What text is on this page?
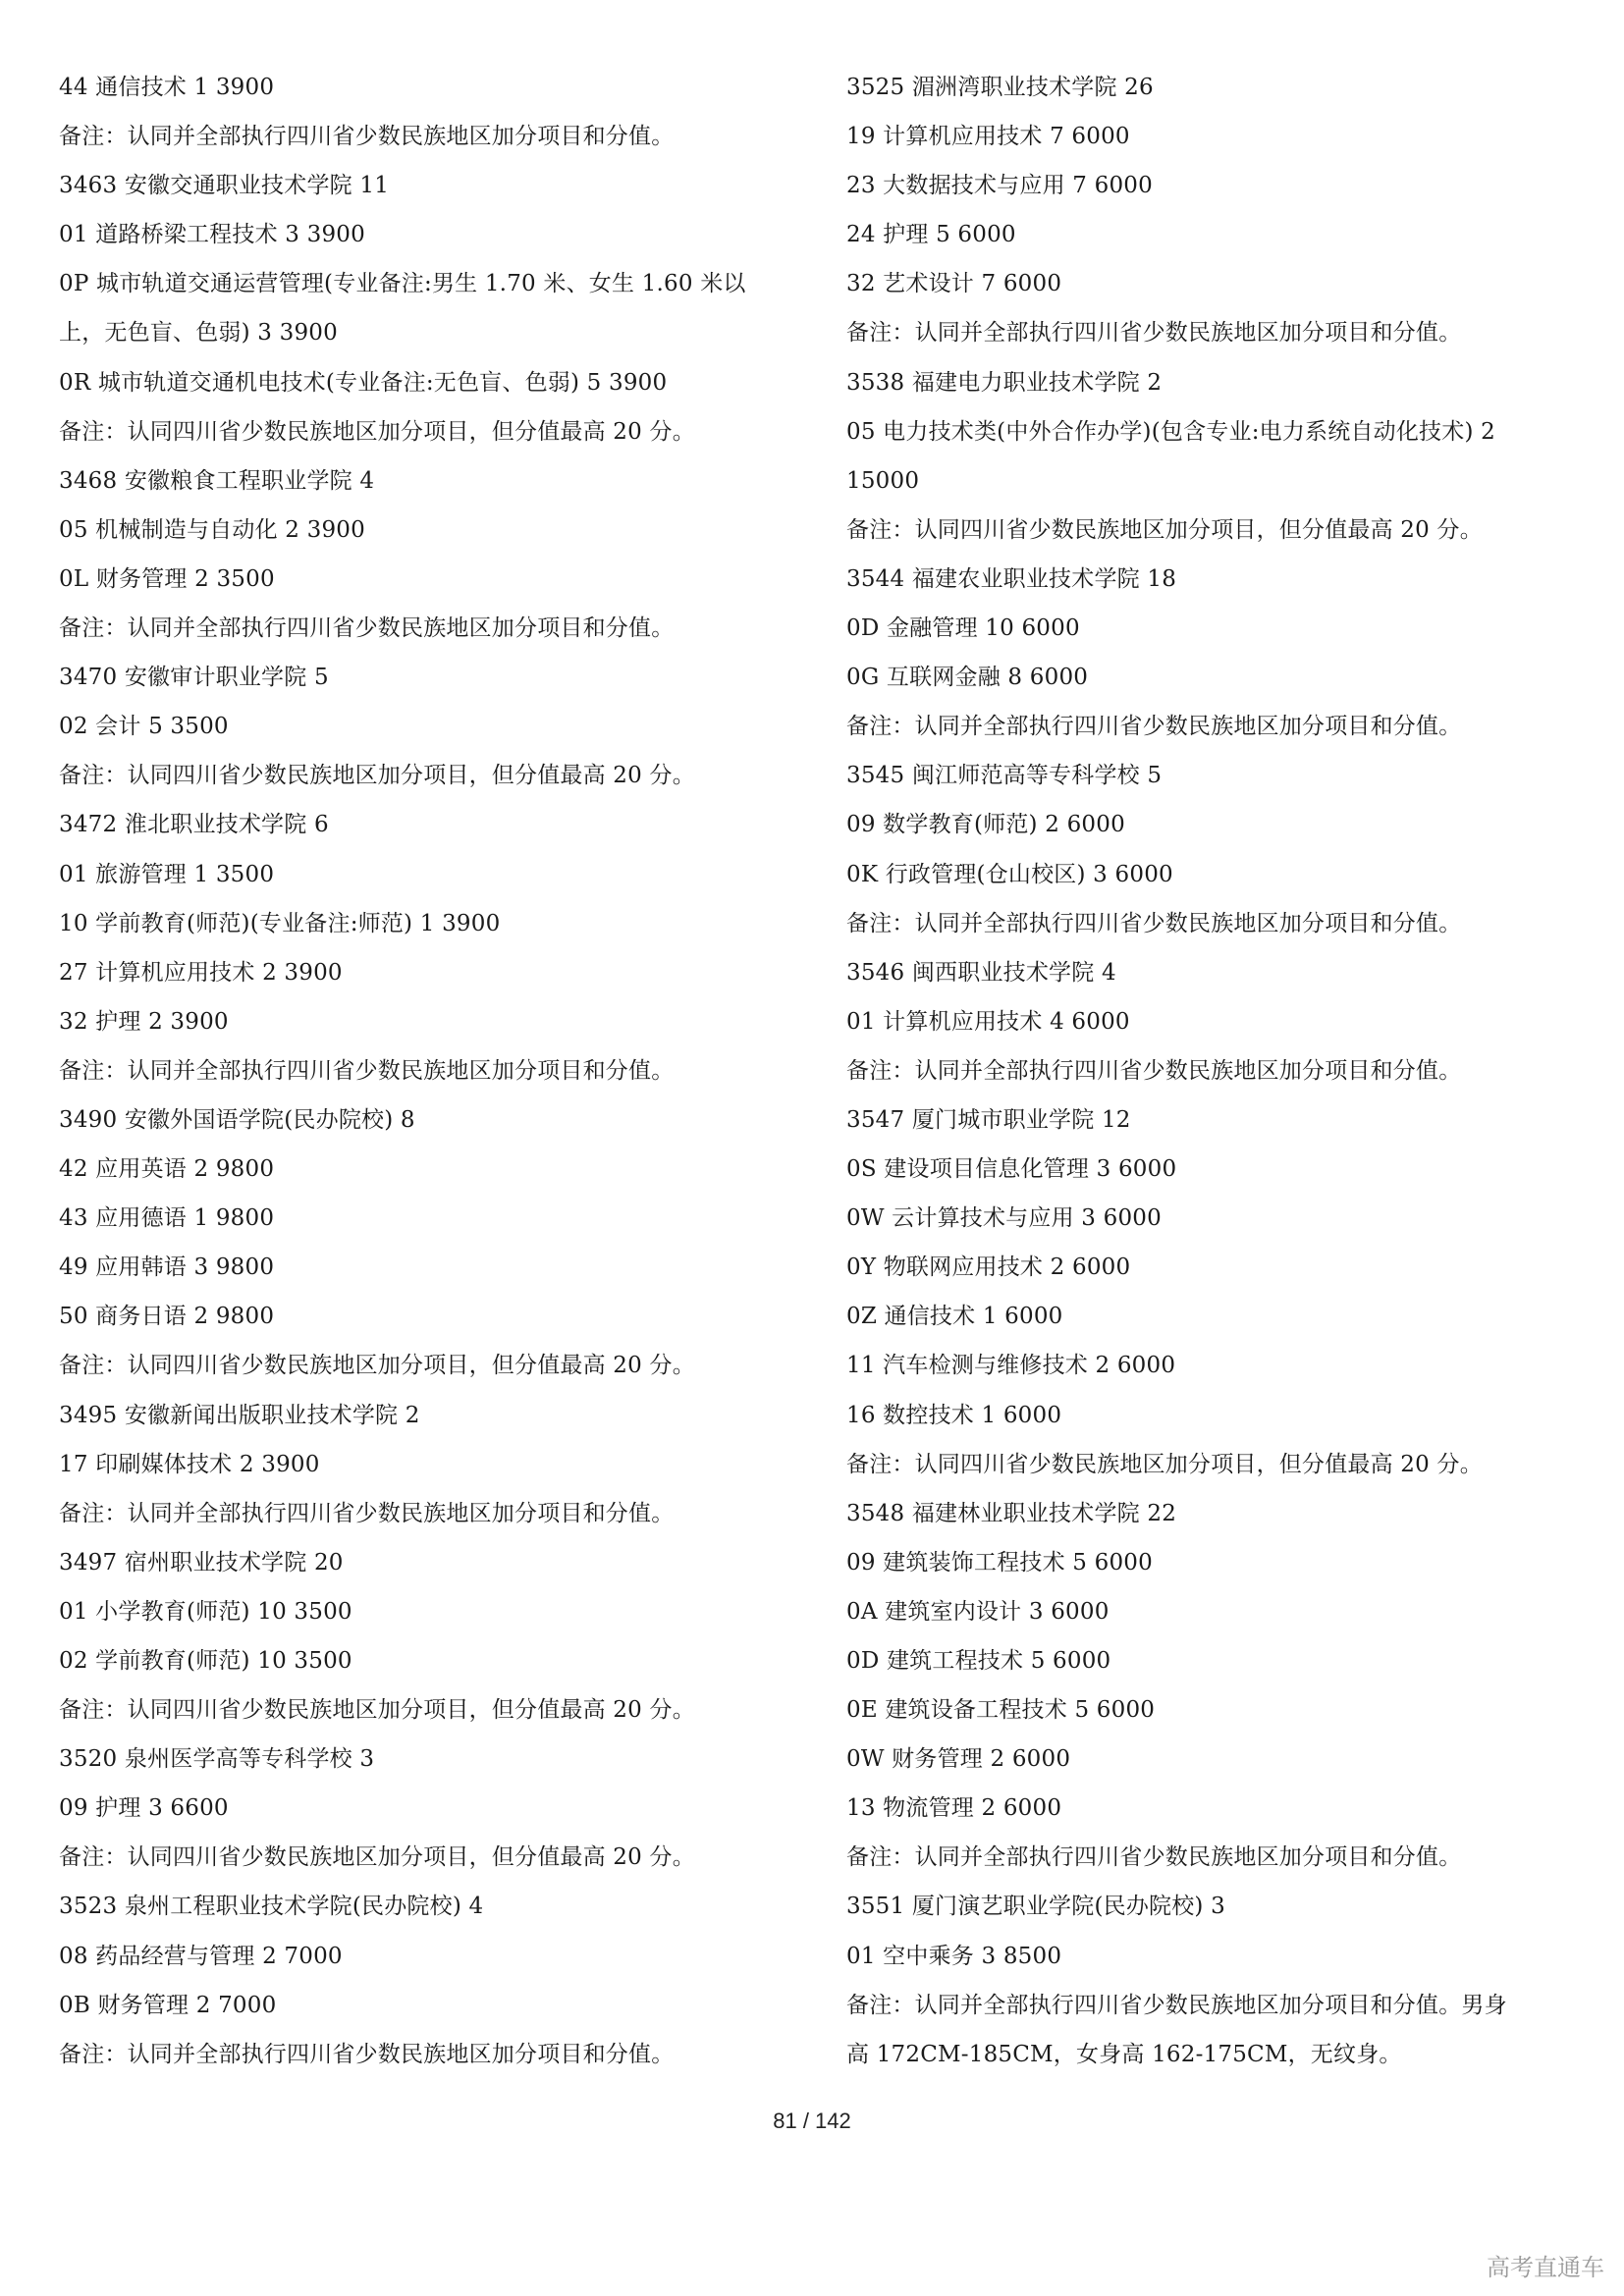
44 通信技术 1 3900
备注：认同并全部执行四川省少数民族地区加分项目和分值。
3463 安徽交通职业技术学院 11
01 道路桥梁工程技术 3 3900
0P 城市轨道交通运营管理(专业备注:男生 1.70 米、女生 1.60 米以
上，无色盲、色弱) 3 3900
0R 城市轨道交通机电技术(专业备注:无色盲、色弱) 5 3900
备注：认同四川省少数民族地区加分项目，但分值最高 20 分。
3468 安徽粮食工程职业学院 4
05 机械制造与自动化 2 3900
0L 财务管理 2 3500
备注：认同并全部执行四川省少数民族地区加分项目和分值。
3470 安徽审计职业学院 5
02 会计 5 3500
备注：认同四川省少数民族地区加分项目，但分值最高 20 分。
3472 淮北职业技术学院 6
01 旅游管理 1 3500
10 学前教育(师范)(专业备注:师范) 1 3900
27 计算机应用技术 2 3900
32 护理 2 3900
备注：认同并全部执行四川省少数民族地区加分项目和分值。
3490 安徽外国语学院(民办院校) 8
42 应用英语 2 9800
43 应用德语 1 9800
49 应用韩语 3 9800
50 商务日语 2 9800
备注：认同四川省少数民族地区加分项目，但分值最高 20 分。
3495 安徽新闻出版职业技术学院 2
17 印刷媒体技术 2 3900
备注：认同并全部执行四川省少数民族地区加分项目和分值。
3497 宿州职业技术学院 20
01 小学教育(师范) 10 3500
02 学前教育(师范) 10 3500
备注：认同四川省少数民族地区加分项目，但分值最高 20 分。
3520 泉州医学高等专科学校 3
09 护理 3 6600
备注：认同四川省少数民族地区加分项目，但分值最高 20 分。
3523 泉州工程职业技术学院(民办院校) 4
08 药品经营与管理 2 7000
0B 财务管理 2 7000
备注：认同并全部执行四川省少数民族地区加分项目和分值。
3525 湄洲湾职业技术学院 26
19 计算机应用技术 7 6000
23 大数据技术与应用 7 6000
24 护理 5 6000
32 艺术设计 7 6000
备注：认同并全部执行四川省少数民族地区加分项目和分值。
3538 福建电力职业技术学院 2
05 电力技术类(中外合作办学)(包含专业:电力系统自动化技术) 2
15000
备注：认同四川省少数民族地区加分项目，但分值最高 20 分。
3544 福建农业职业技术学院 18
0D 金融管理 10 6000
0G 互联网金融 8 6000
备注：认同并全部执行四川省少数民族地区加分项目和分值。
3545 闽江师范高等专科学校 5
09 数学教育(师范) 2 6000
0K 行政管理(仓山校区) 3 6000
备注：认同并全部执行四川省少数民族地区加分项目和分值。
3546 闽西职业技术学院 4
01 计算机应用技术 4 6000
备注：认同并全部执行四川省少数民族地区加分项目和分值。
3547 厦门城市职业学院 12
0S 建设项目信息化管理 3 6000
0W 云计算技术与应用 3 6000
0Y 物联网应用技术 2 6000
0Z 通信技术 1 6000
11 汽车检测与维修技术 2 6000
16 数控技术 1 6000
备注：认同四川省少数民族地区加分项目，但分值最高 20 分。
3548 福建林业职业技术学院 22
09 建筑装饰工程技术 5 6000
0A 建筑室内设计 3 6000
0D 建筑工程技术 5 6000
0E 建筑设备工程技术 5 6000
0W 财务管理 2 6000
13 物流管理 2 6000
备注：认同并全部执行四川省少数民族地区加分项目和分值。
3551 厦门演艺职业学院(民办院校) 3
01 空中乘务 3 8500
备注：认同并全部执行四川省少数民族地区加分项目和分值。男身
高 172CM-185CM，女身高 162-175CM，无纹身。
81 / 142
高考直通车
